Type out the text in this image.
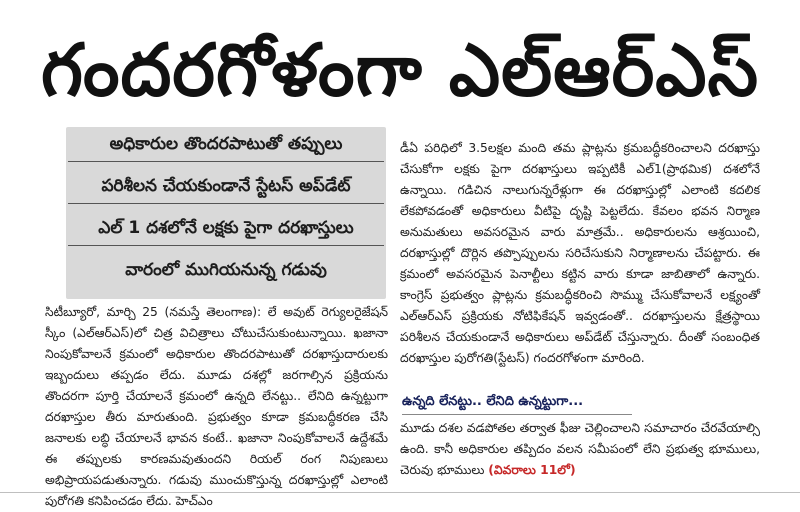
గందరగోళంగా ఎల్‌ఆర్‌ఎస్‌
అధికారుల తొందరపాటుతో తప్పులు
పరిశీలన చేయకుండానే స్టేటస్‌ అప్‌డేట్‌
ఎల్‌ 1 దశలోనే లక్షకు పైగా దరఖాస్తులు
వారంలో ముగియనున్న గడువు
సిటీబ్యూరో, మార్చి 25 (నమస్తే తెలంగాణ): లే అవుట్‌ రెగ్యులరైజేషన్‌ స్కీం (ఎల్‌ఆర్‌ఎస్‌)లో చిత్ర విచిత్రాలు చోటుచేసుకుంటున్నాయి. ఖజానా నింపుకోవాలనే క్రమంలో అధికారుల తొందరపాటుతో దరఖాస్తుదారులకు ఇబ్బందులు తప్పడం లేదు. మూడు దశల్లో జరగాల్సిన ప్రక్రియను తొందరగా పూర్తి చేయాలనే క్రమంలో ఉన్నది లేనట్టు.. లేనిది ఉన్నట్టుగా దరఖాస్తుల తీరు మారుతుంది. ప్రభుత్వం కూడా క్రమబద్ధీకరణ చేసి జనాలకు లబ్ధి చేయాలనే భావన కంటే.. ఖజానా నింపుకోవాలనే ఉద్దేశమే ఈ తప్పులకు కారణమవుతుందని రియల్‌ రంగ నిపుణులు అభిప్రాయపడుతున్నారు. గడువు ముంచుకొస్తున్న దరఖాస్తుల్లో ఎలాంటి పురోగతి కనిపించడం లేదు. హెచ్‌ఎం
డీఏ పరిధిలో 3.5లక్షల మంది తమ ప్లాట్లను క్రమబద్ధీకరించాలని దరఖాస్తు చేసుకోగా లక్షకు పైగా దరఖాస్తులు ఇప్పటికీ ఎల్‌1(ప్రాథమిక) దశలోనే ఉన్నాయి. గడిచిన నాలుగున్నరేళ్లుగా ఈ దరఖాస్తుల్లో ఎలాంటి కదలిక లేకపోవడంతో అధికారులు వీటిపై దృష్టి పెట్టలేదు. కేవలం భవన నిర్మాణ అనుమతులు అవసరమైన వారు మాత్రమే.. అధికారులను ఆశ్రయించి, దరఖాస్తుల్లో దొర్లిన తప్పొప్పులను సరిచేసుకుని నిర్మాణాలను చేపట్టారు. ఈ క్రమంలో అవసరమైన పెనాల్టీలు కట్టిన వారు కూడా జాబితాలో ఉన్నారు. కాంగ్రెస్‌ ప్రభుత్వం ప్లాట్లను క్రమబద్ధీకరించి సొమ్ము చేసుకోవాలనే లక్ష్యంతో ఎల్‌ఆర్‌ఎస్‌ ప్రక్రియకు నోటిఫికేషన్‌ ఇవ్వడంతో.. దరఖాస్తులను క్షేత్రస్థాయి పరిశీలన చేయకుండానే అధికారులు అప్‌డేట్‌ చేస్తున్నారు. దీంతో సంబంధిత దరఖాస్తుల పురోగతి(స్టేటస్‌) గందరగోళంగా మారింది.
ఉన్నది లేనట్టు.. లేనిది ఉన్నట్టుగా...
మూడు దశల వడపోతల తర్వాత ఫీజు చెల్లించాలని సమాచారం చేరవేయాల్సి ఉంది. కానీ అధికారుల తప్పిదం వలన సమీపంలో లేని ప్రభుత్వ భూములు, చెరువు భూములు (వివరాలు 11లో)
